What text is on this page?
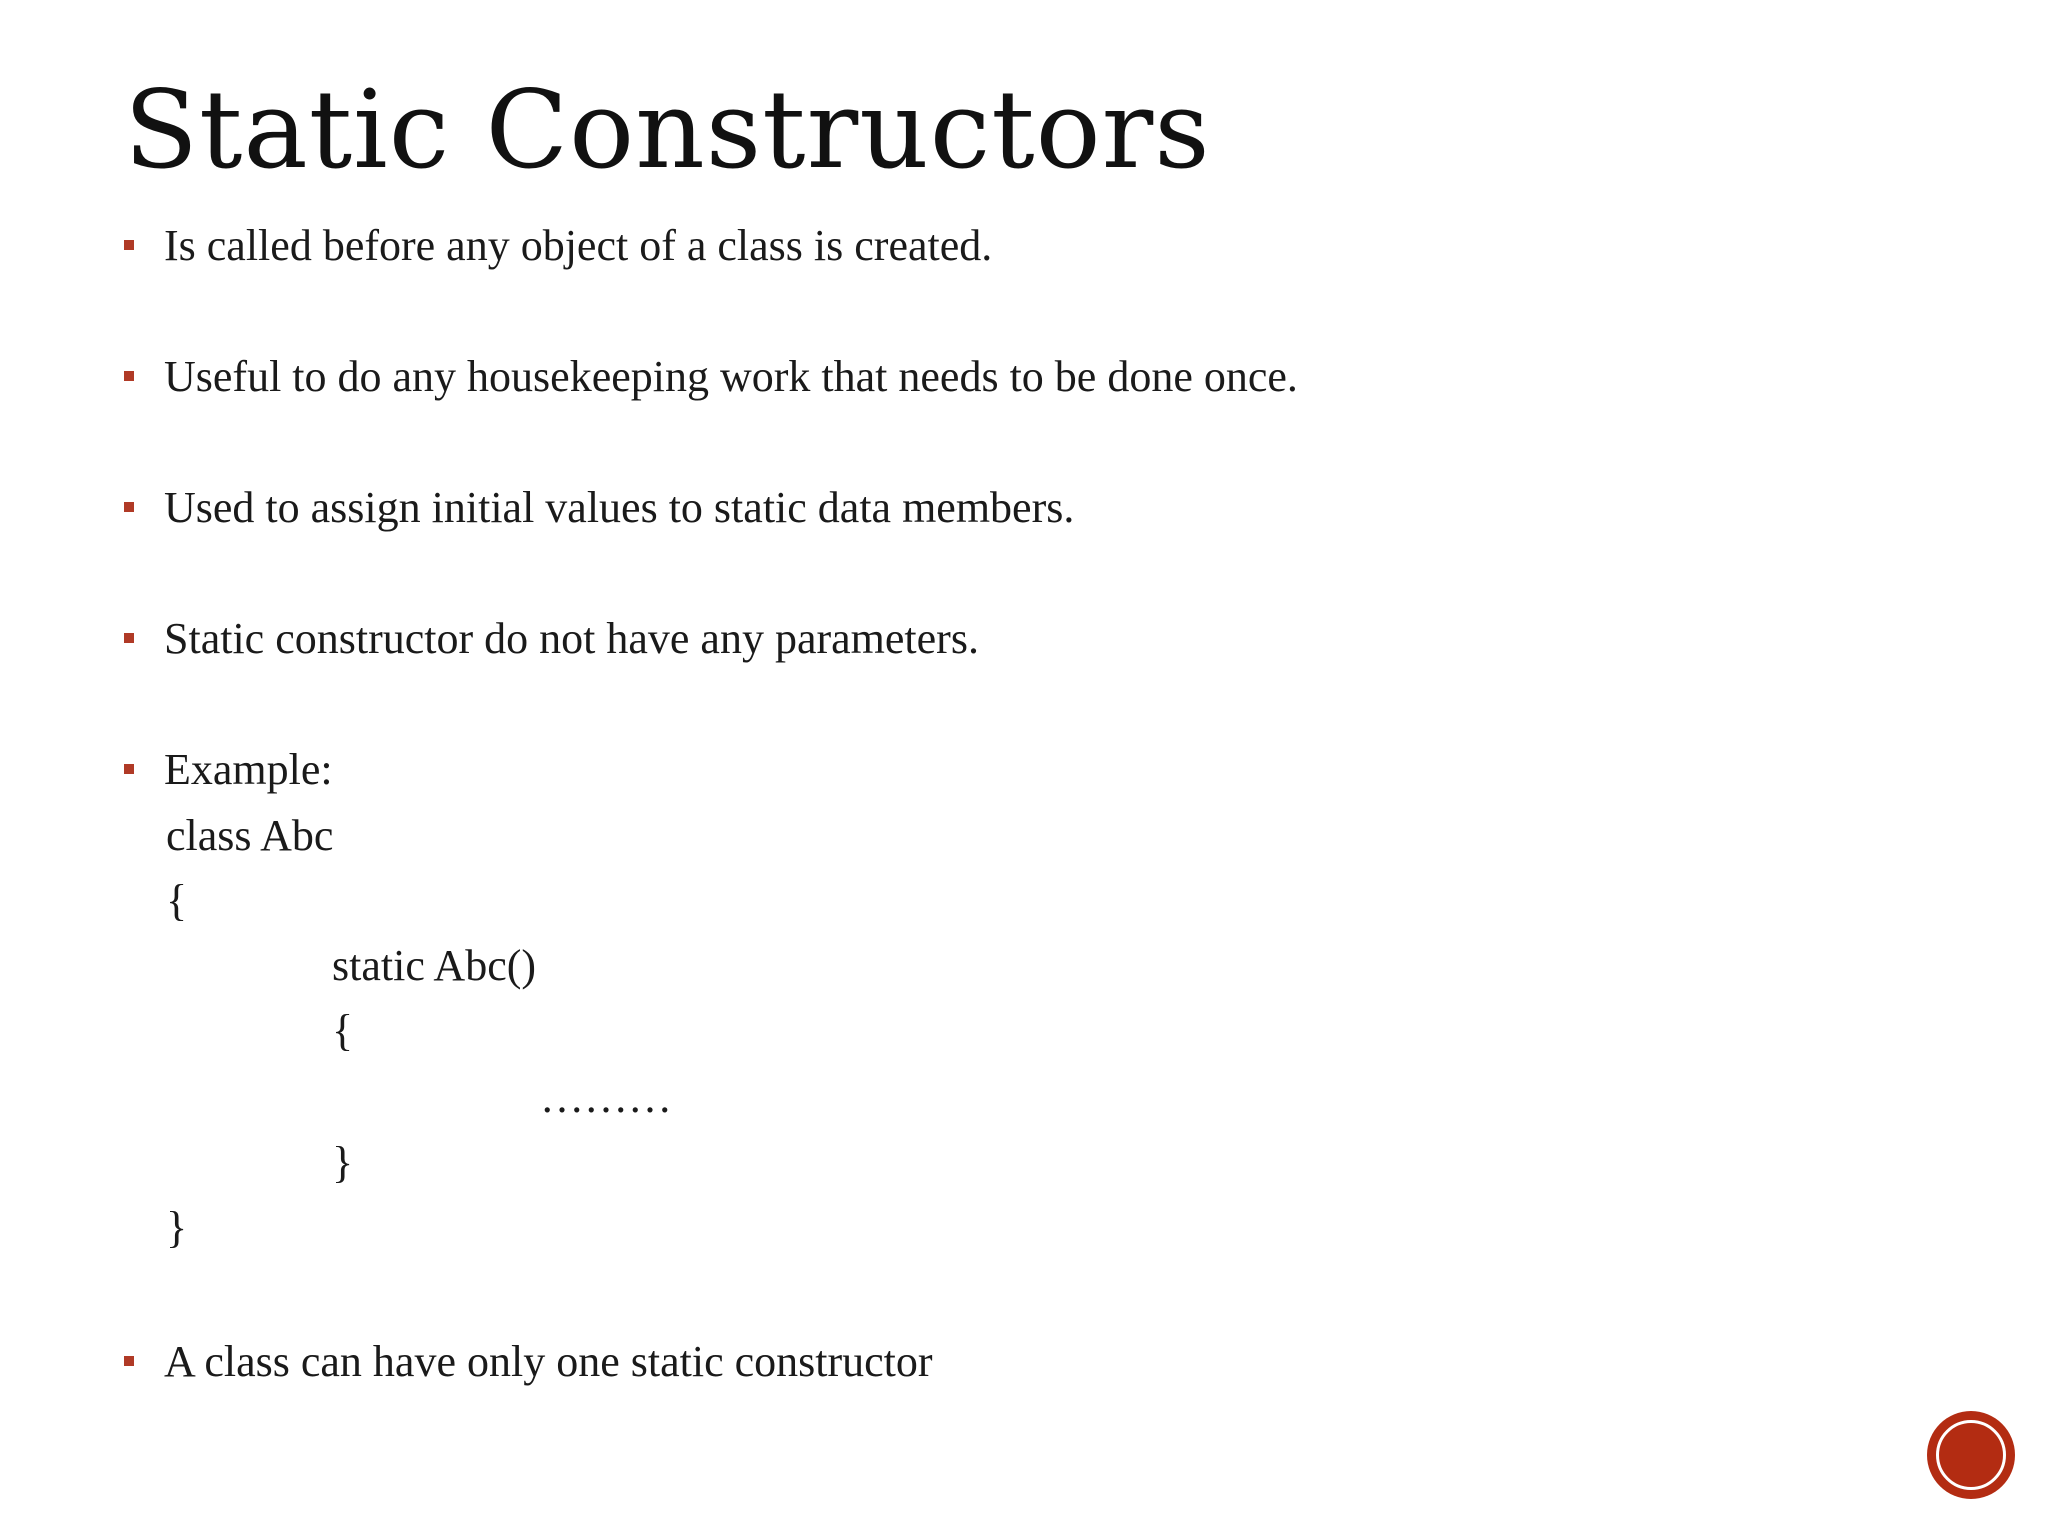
Static Constructors
Is called before any object of a class is created.
Useful to do any housekeeping work that needs to be done once.
Used to assign initial values to static data members.
Static constructor do not have any parameters.
Example:
class Abc
{
static Abc()
{
………
}
}
A class can have only one static constructor
